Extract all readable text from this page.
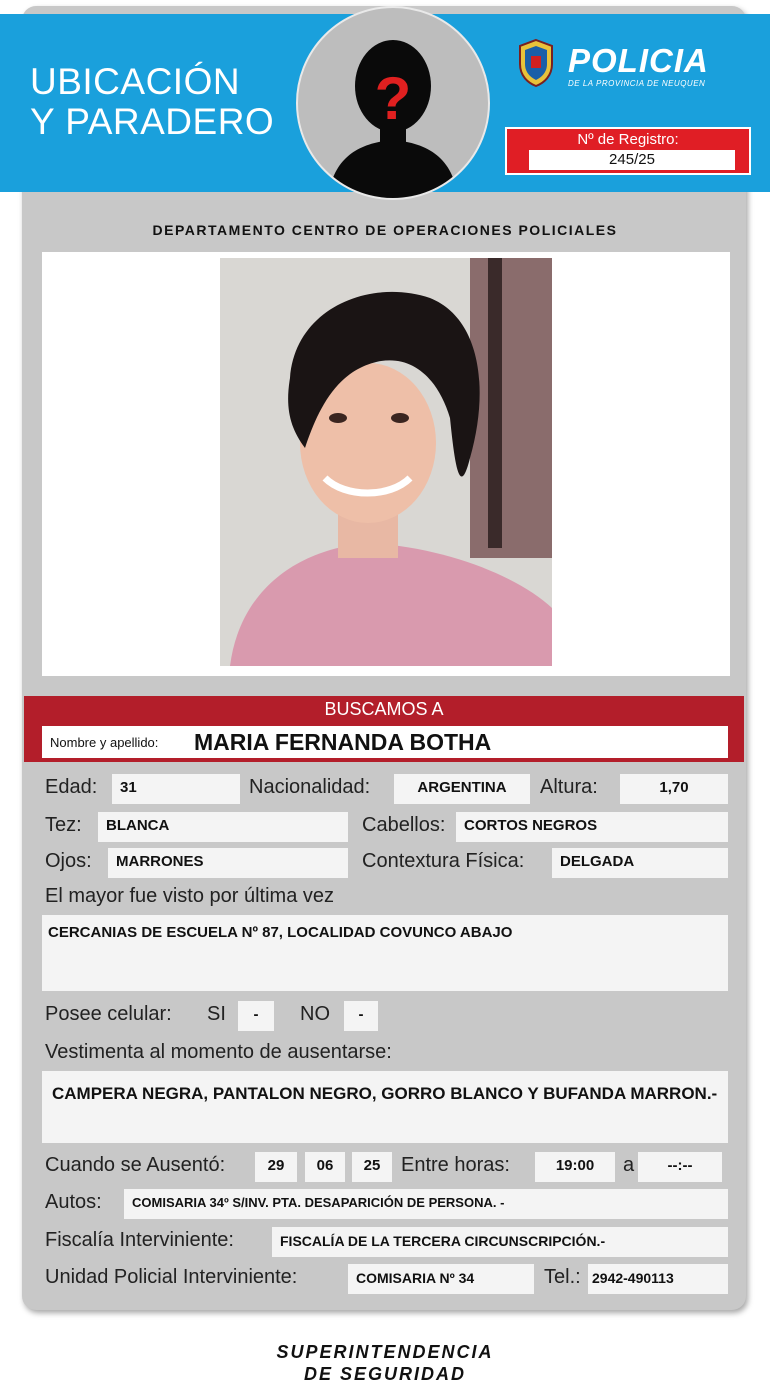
UBICACIÓN
Y PARADERO	?
POLICIA
DE LA PROVINCIA DE NEUQUEN
Nº de Registro:
245/25
DEPARTAMENTO CENTRO DE OPERACIONES POLICIALES
BUSCAMOS A
Nombre y apellido: MARIA FERNANDA BOTHA
Edad:	31	Nacionalidad:	ARGENTINA	Altura:	1,70
Tez:	BLANCA	Cabellos:	CORTOS NEGROS
Ojos:	MARRONES	Contextura Física:	DELGADA
El mayor fue visto por última vez
CERCANIAS DE ESCUELA Nº 87, LOCALIDAD COVUNCO ABAJO
Posee celular: SI	-	NO	-
Vestimenta al momento de ausentarse:
CAMPERA NEGRA, PANTALON NEGRO, GORRO BLANCO Y BUFANDA MARRON.-
Cuando se Ausentó:	29	06	25	Entre horas:	19:00	a	--:--
Autos:	COMISARIA 34º S/INV. PTA. DESAPARICIÓN DE PERSONA. -
Fiscalía Interviniente:	FISCALÍA DE LA TERCERA CIRCUNSCRIPCIÓN.-
Unidad Policial Interviniente:	COMISARIA Nº 34	Tel.: 2942-490113
SUPERINTENDENCIA
DE SEGURIDAD
